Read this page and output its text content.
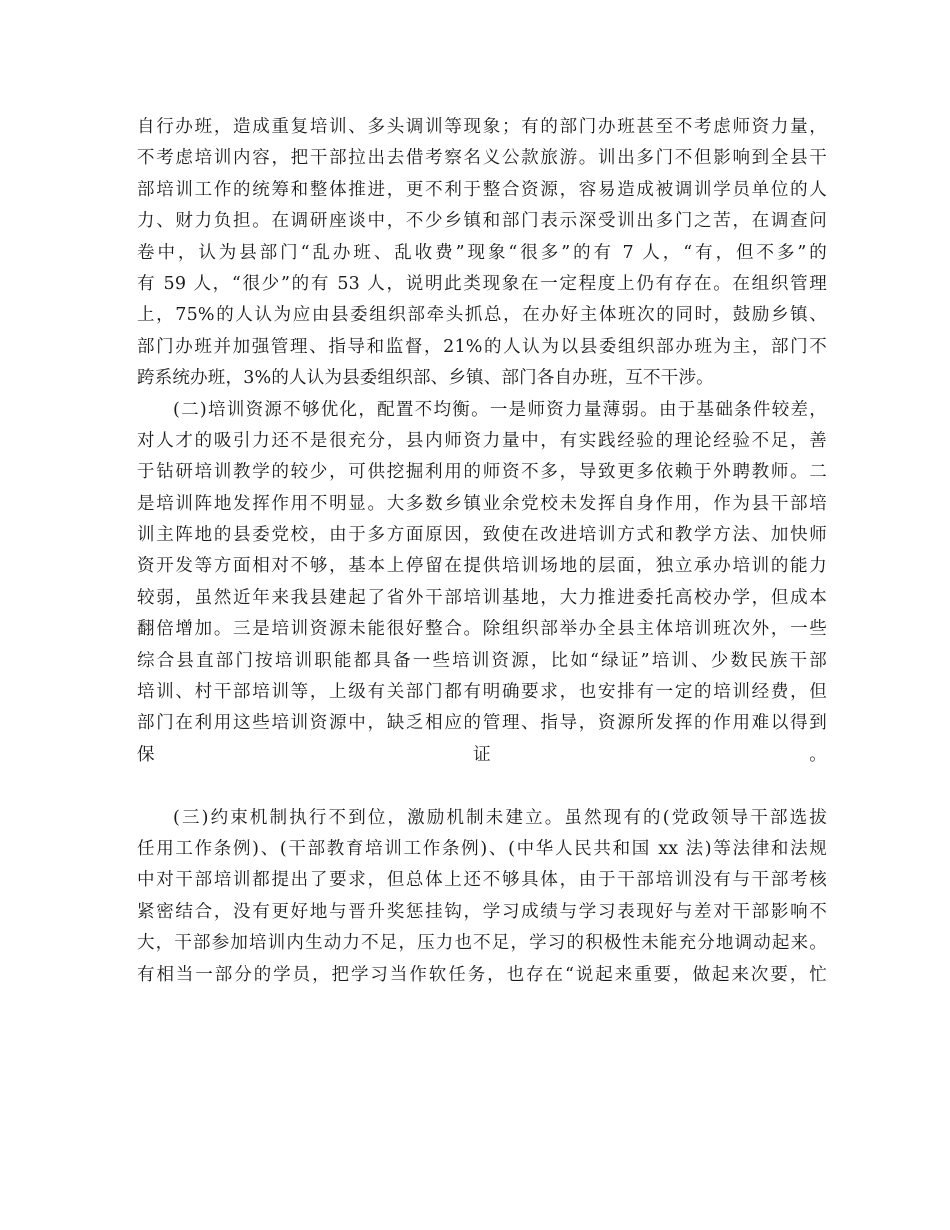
自行办班，造成重复培训、多头调训等现象；有的部门办班甚至不考虑师资力量，
不考虑培训内容，把干部拉出去借考察名义公款旅游。训出多门不但影响到全县干
部培训工作的统筹和整体推进，更不利于整合资源，容易造成被调训学员单位的人
力、财力负担。在调研座谈中，不少乡镇和部门表示深受训出多门之苦，在调查问
卷中，认为县部门“乱办班、乱收费”现象“很多”的有 7 人，“有，但不多”的
有 59 人，“很少”的有 53 人，说明此类现象在一定程度上仍有存在。在组织管理
上，75%的人认为应由县委组织部牵头抓总，在办好主体班次的同时，鼓励乡镇、
部门办班并加强管理、指导和监督，21%的人认为以县委组织部办班为主，部门不
跨系统办班，3%的人认为县委组织部、乡镇、部门各自办班，互不干涉。
(二)培训资源不够优化，配置不均衡。一是师资力量薄弱。由于基础条件较差，
对人才的吸引力还不是很充分，县内师资力量中，有实践经验的理论经验不足，善
于钻研培训教学的较少，可供挖掘利用的师资不多，导致更多依赖于外聘教师。二
是培训阵地发挥作用不明显。大多数乡镇业余党校未发挥自身作用，作为县干部培
训主阵地的县委党校，由于多方面原因，致使在改进培训方式和教学方法、加快师
资开发等方面相对不够，基本上停留在提供培训场地的层面，独立承办培训的能力
较弱，虽然近年来我县建起了省外干部培训基地，大力推进委托高校办学，但成本
翻倍增加。三是培训资源未能很好整合。除组织部举办全县主体培训班次外，一些
综合县直部门按培训职能都具备一些培训资源，比如“绿证”培训、少数民族干部
培训、村干部培训等，上级有关部门都有明确要求，也安排有一定的培训经费，但
部门在利用这些培训资源中，缺乏相应的管理、指导，资源所发挥的作用难以得到
保证。
(三)约束机制执行不到位，激励机制未建立。虽然现有的(党政领导干部选拔
任用工作条例)、(干部教育培训工作条例)、(中华人民共和国 xx 法)等法律和法规
中对干部培训都提出了要求，但总体上还不够具体，由于干部培训没有与干部考核
紧密结合，没有更好地与晋升奖惩挂钩，学习成绩与学习表现好与差对干部影响不
大，干部参加培训内生动力不足，压力也不足，学习的积极性未能充分地调动起来。
有相当一部分的学员，把学习当作软任务，也存在“说起来重要，做起来次要，忙
